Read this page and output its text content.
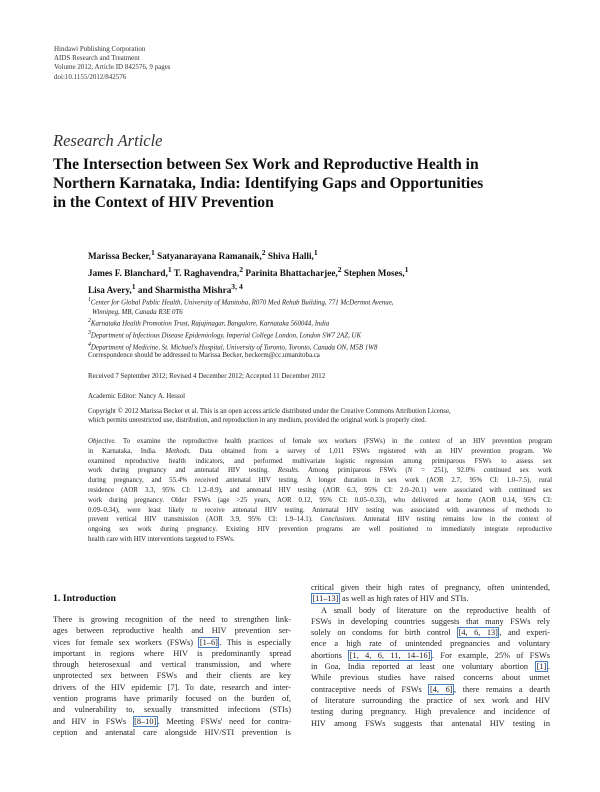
Hindawi Publishing Corporation
AIDS Research and Treatment
Volume 2012, Article ID 842576, 9 pages
doi:10.1155/2012/842576
Research Article
The Intersection between Sex Work and Reproductive Health in
Northern Karnataka, India: Identifying Gaps and Opportunities
in the Context of HIV Prevention
Marissa Becker,$^1$ Satyanarayana Ramanaik,$^2$ Shiva Halli,$^1$
James F. Blanchard,$^1$ T. Raghavendra,$^2$ Parinita Bhattacharjee,$^2$ Stephen Moses,$^1$
Lisa Avery,$^1$ and Sharmistha Mishra$^{3, 4}$
$^1$Center for Global Public Health, University of Manitoba, R070 Med Rehab Building, 771 McDermot Avenue,
Winnipeg, MB, Canada R3E 0T6
$^2$Karnataka Health Promotion Trust, Rajajinagar, Bangalore, Karnataka 560044, India
$^3$Department of Infectious Disease Epidemiology, Imperial College London, London SW7 2AZ, UK
$^4$Department of Medicine, St. Michael's Hospital, University of Toronto, Toronto, Canada ON, M5B 1W8
Correspondence should be addressed to Marissa Becker, beckerm@cc.umanitoba.ca
Received 7 September 2012; Revised 4 December 2012; Accepted 11 December 2012
Academic Editor: Nancy A. Hessol
Copyright © 2012 Marissa Becker et al. This is an open access article distributed under the Creative Commons Attribution License,
which permits unrestricted use, distribution, and reproduction in any medium, provided the original work is properly cited.
Objective. To examine the reproductive health practices of female sex workers (FSWs) in the context of an HIV prevention program
in Karnataka, India. Methods. Data obtained from a survey of 1,011 FSWs registered with an HIV prevention program. We
examined reproductive health indicators, and performed multivariate logistic regression among primiparous FSWs to assess sex
work during pregnancy and antenatal HIV testing. Results. Among primiparous FSWs (N = 251), 92.0% continued sex work
during pregnancy, and 55.4% received antenatal HIV testing. A longer duration in sex work (AOR 2.7, 95% CI: 1.0–7.5), rural
residence (AOR 3.3, 95% CI: 1.2–8.9), and antenatal HIV testing (AOR 6.3, 95% CI: 2.0–20.1) were associated with continued sex
work during pregnancy. Older FSWs (age >25 years, AOR 0.12, 95% CI: 0.05–0.33), who delivered at home (AOR 0.14, 95% CI:
0.09–0.34), were least likely to receive antenatal HIV testing. Antenatal HIV testing was associated with awareness of methods to
prevent vertical HIV transmission (AOR 3.9, 95% CI: 1.9–14.1). Conclusions. Antenatal HIV testing remains low in the context of
ongoing sex work during pregnancy. Existing HIV prevention programs are well positioned to immediately integrate reproductive
health care with HIV interventions targeted to FSWs.
1. Introduction
There is growing recognition of the need to strengthen link-
ages between reproductive health and HIV prevention ser-
vices for female sex workers (FSWs) [1–6] . This is especially
important in regions where HIV is predominantly spread
through heterosexual and vertical transmission, and where
unprotected sex between FSWs and their clients are key
drivers of the HIV epidemic [7]. To date, research and inter-
vention programs have primarily focused on the burden of,
and vulnerability to, sexually transmitted infections (STIs)
and HIV in FSWs [8–10] . Meeting FSWs' need for contra-
ception and antenatal care alongside HIV/STI prevention is
critical given their high rates of pregnancy, often unintended,
[11–13] as well as high rates of HIV and STIs.
A small body of literature on the reproductive health of
FSWs in developing countries suggests that many FSWs rely
solely on condoms for birth control [4, 6, 13] , and experi-
ence a high rate of unintended pregnancies and voluntary
abortions [1, 4, 6, 11, 14–16] . For example, 25% of FSWs
in Goa, India reported at least one voluntary abortion [1] .
While previous studies have raised concerns about unmet
contraceptive needs of FSWs [4, 6] , there remains a dearth
of literature surrounding the practice of sex work and HIV
testing during pregnancy. High prevalence and incidence of
HIV among FSWs suggests that antenatal HIV testing in
